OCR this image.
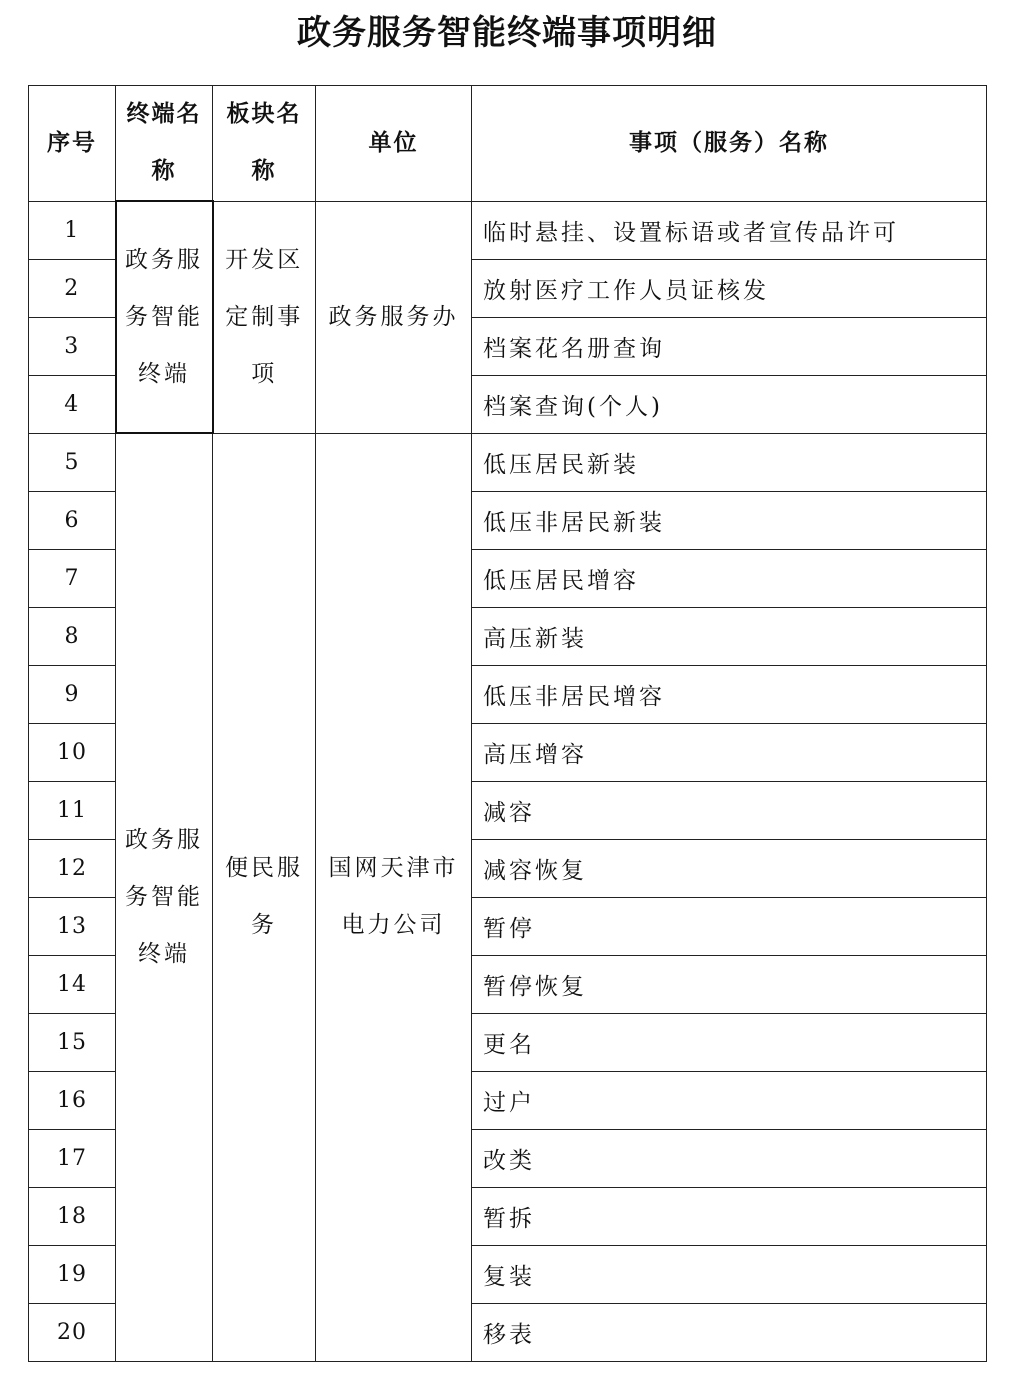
政务服务智能终端事项明细
序号	终端名
称	板块名
称	单位	事项（服务）名称
1	政务服
务智能
终端	开发区
定制事
项	政务服务办	临时悬挂、设置标语或者宣传品许可
2				放射医疗工作人员证核发
3				档案花名册查询
4				档案查询(个人)
5	政务服
务智能
终端	便民服
务	国网天津市
电力公司	低压居民新装
6				低压非居民新装
7				低压居民增容
8				高压新装
9				低压非居民增容
10				高压增容
11				减容
12				减容恢复
13				暂停
14				暂停恢复
15				更名
16				过户
17				改类
18				暂拆
19				复装
20				移表
